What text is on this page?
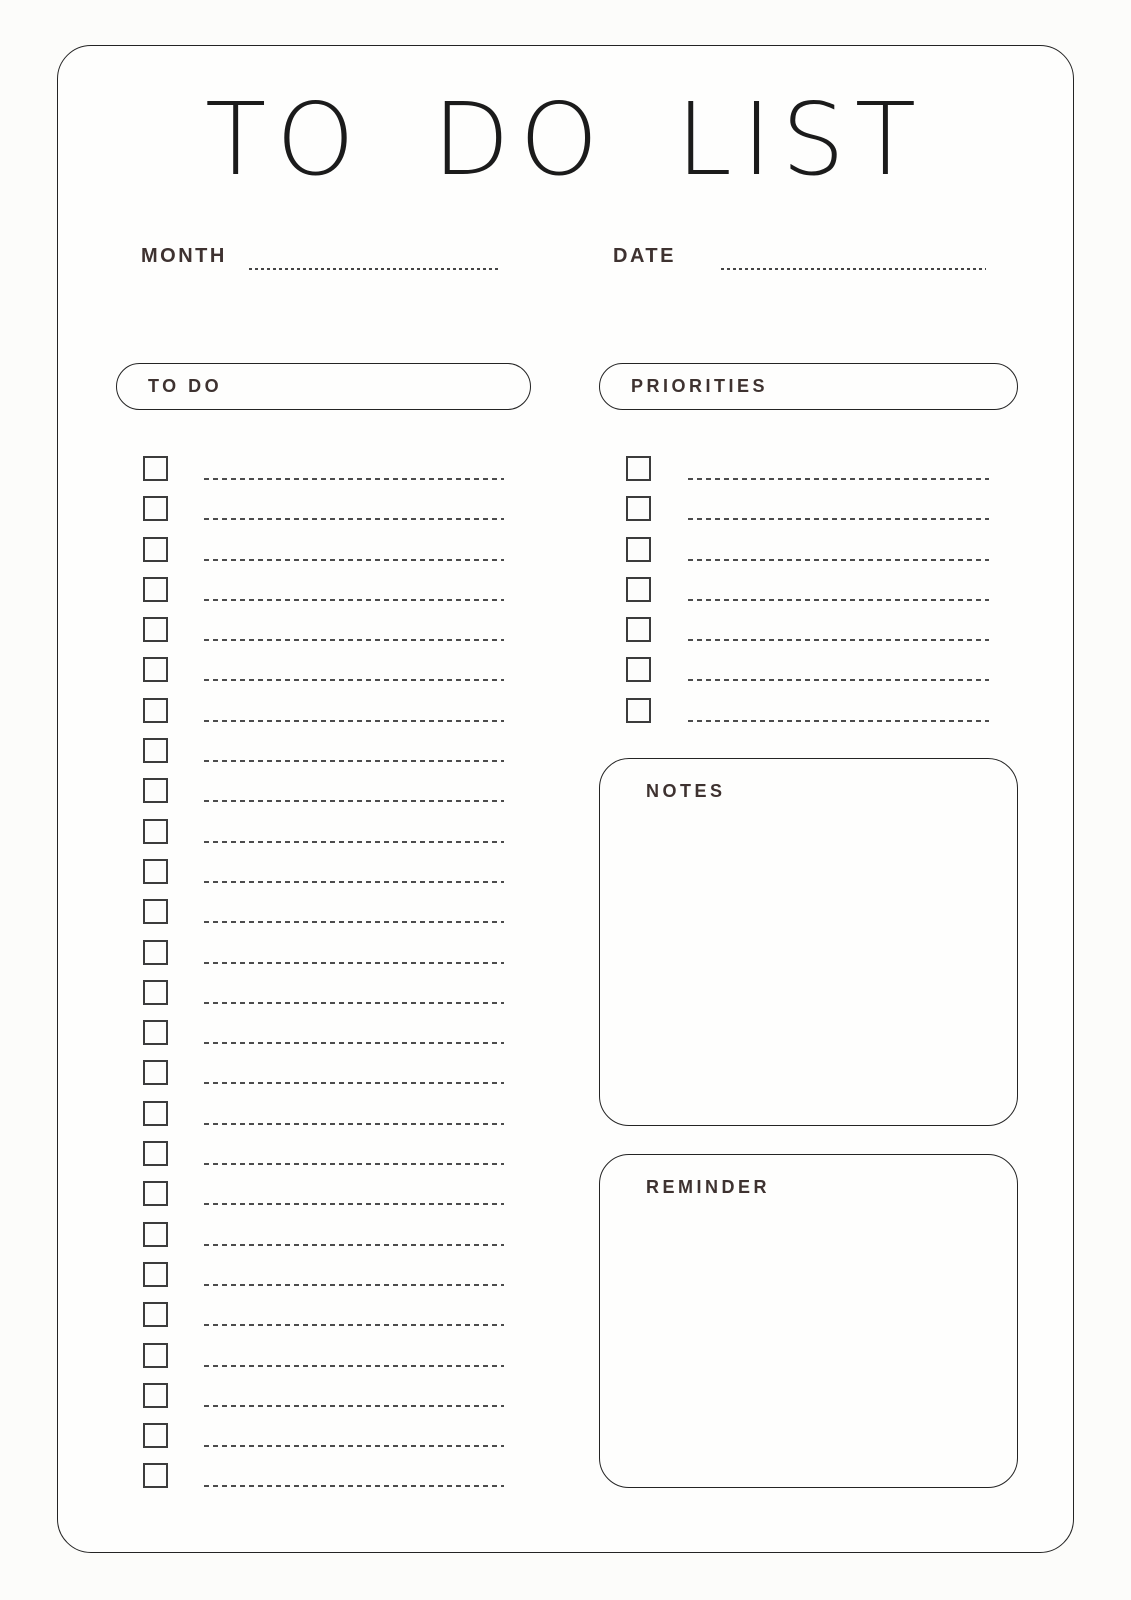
TO DO LIST
MONTH	DATE
TO DO	PRIORITIES
NOTES
REMINDER
